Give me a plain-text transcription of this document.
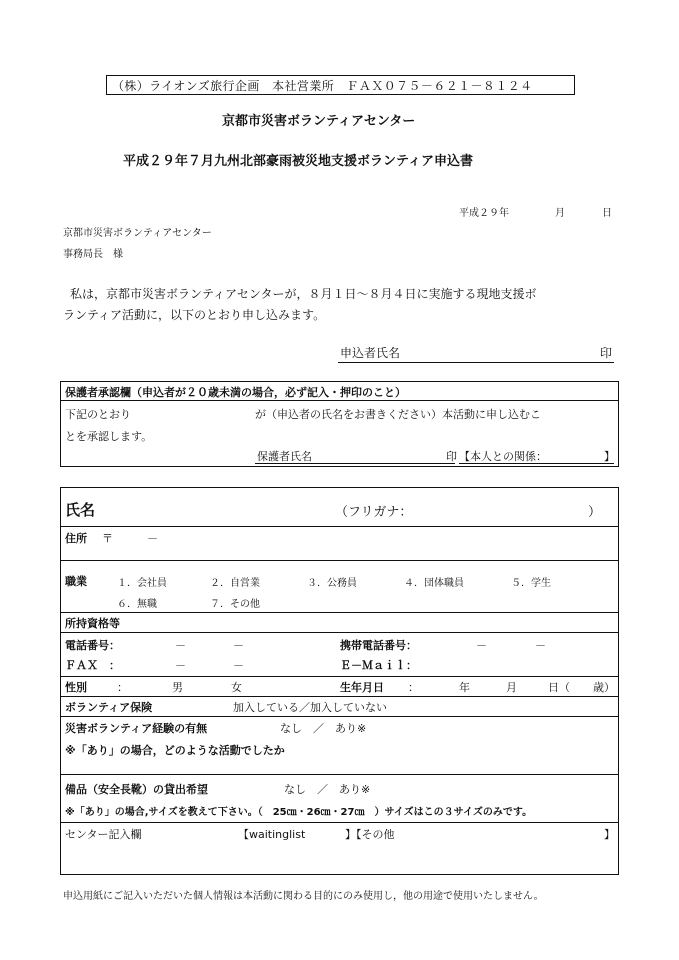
（株）ライオンズ旅行企画　本社営業所　ＦＡＸ０７５－６２１－８１２４
京都市災害ボランティアセンター
平成２９年７月九州北部豪雨被災地支援ボランティア申込書
平成２９年	月	日
京都市災害ボランティアセンター
事務局長　様
私は，京都市災害ボランティアセンターが，８月１日～８月４日に実施する現地支援ボ
ランティア活動に，以下のとおり申し込みます。
申込者氏名	印
保護者承認欄（申込者が２０歳未満の場合，必ず記入・押印のこと）
下記のとおり	が（申込者の氏名をお書きください）本活動に申し込むこ
とを承認します。
保護者氏名	印 【本人との関係：	】
氏名	（フリガナ：	）
住所 〒	－
職業	１．会社員	２．自営業	３．公務員	４．団体職員	５．学生
６．無職	７．その他
所持資格等
電話番号：	－	－	携帯電話番号：	－	－
ＦＡＸ　：	－	－	Ｅ－Ｍａｉｌ：
性別	：	男	女	生年月日 ：	年	月	日（ 歳）
ボランティア保険	加入している／加入していない
災害ボランティア経験の有無	なし　／　あり※
※「あり」の場合，どのような活動でしたか
備品（安全長靴）の貸出希望	なし　／　あり※
※「あり」の場合,サイズを教えて下さい。（　25㎝・26㎝・27㎝　）サイズはこの３サイズのみです。
センター記入欄	【waitinglist	】【その他	】
申込用紙にご記入いただいた個人情報は本活動に関わる目的にのみ使用し，他の用途で使用いたしません。
